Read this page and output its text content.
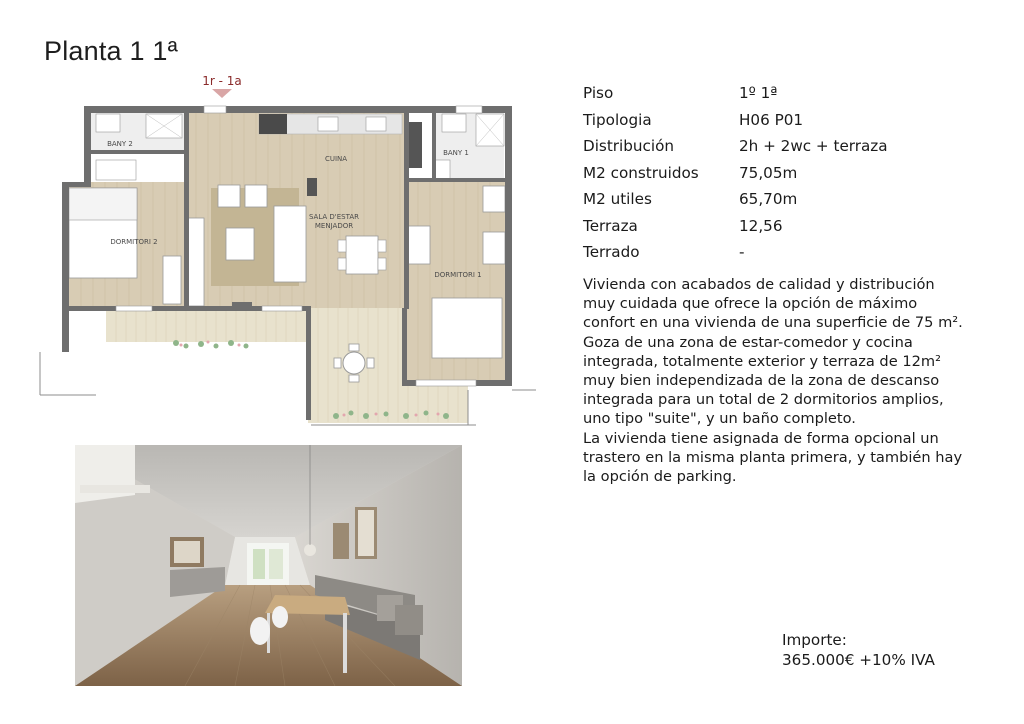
Planta 1 1ª
1r - 1a
BANY 2
BANY 1
CUINA
SALA D'ESTAR
MENJADOR
DORMITORI 2
DORMITORI 1
Piso	1º 1ª
Tipologia	H06 P01
Distribución	2h + 2wc + terraza
M2 construidos	75,05m
M2 utiles	65,70m
Terraza	12,56
Terrado	-

Vivienda con acabados de calidad y distribución muy cuidada que ofrece la opción de máximo confort en una vivienda de una superficie de 75 m².

Goza de una zona de estar-comedor y cocina integrada, totalmente exterior y terraza de 12m² muy bien independizada de la zona de descanso integrada para un total de 2 dormitorios amplios, uno tipo "suite", y un baño completo.

La vivienda tiene asignada de forma opcional un trastero en la misma planta primera, y también hay la opción de parking.

Importe:
365.000€ +10% IVA
